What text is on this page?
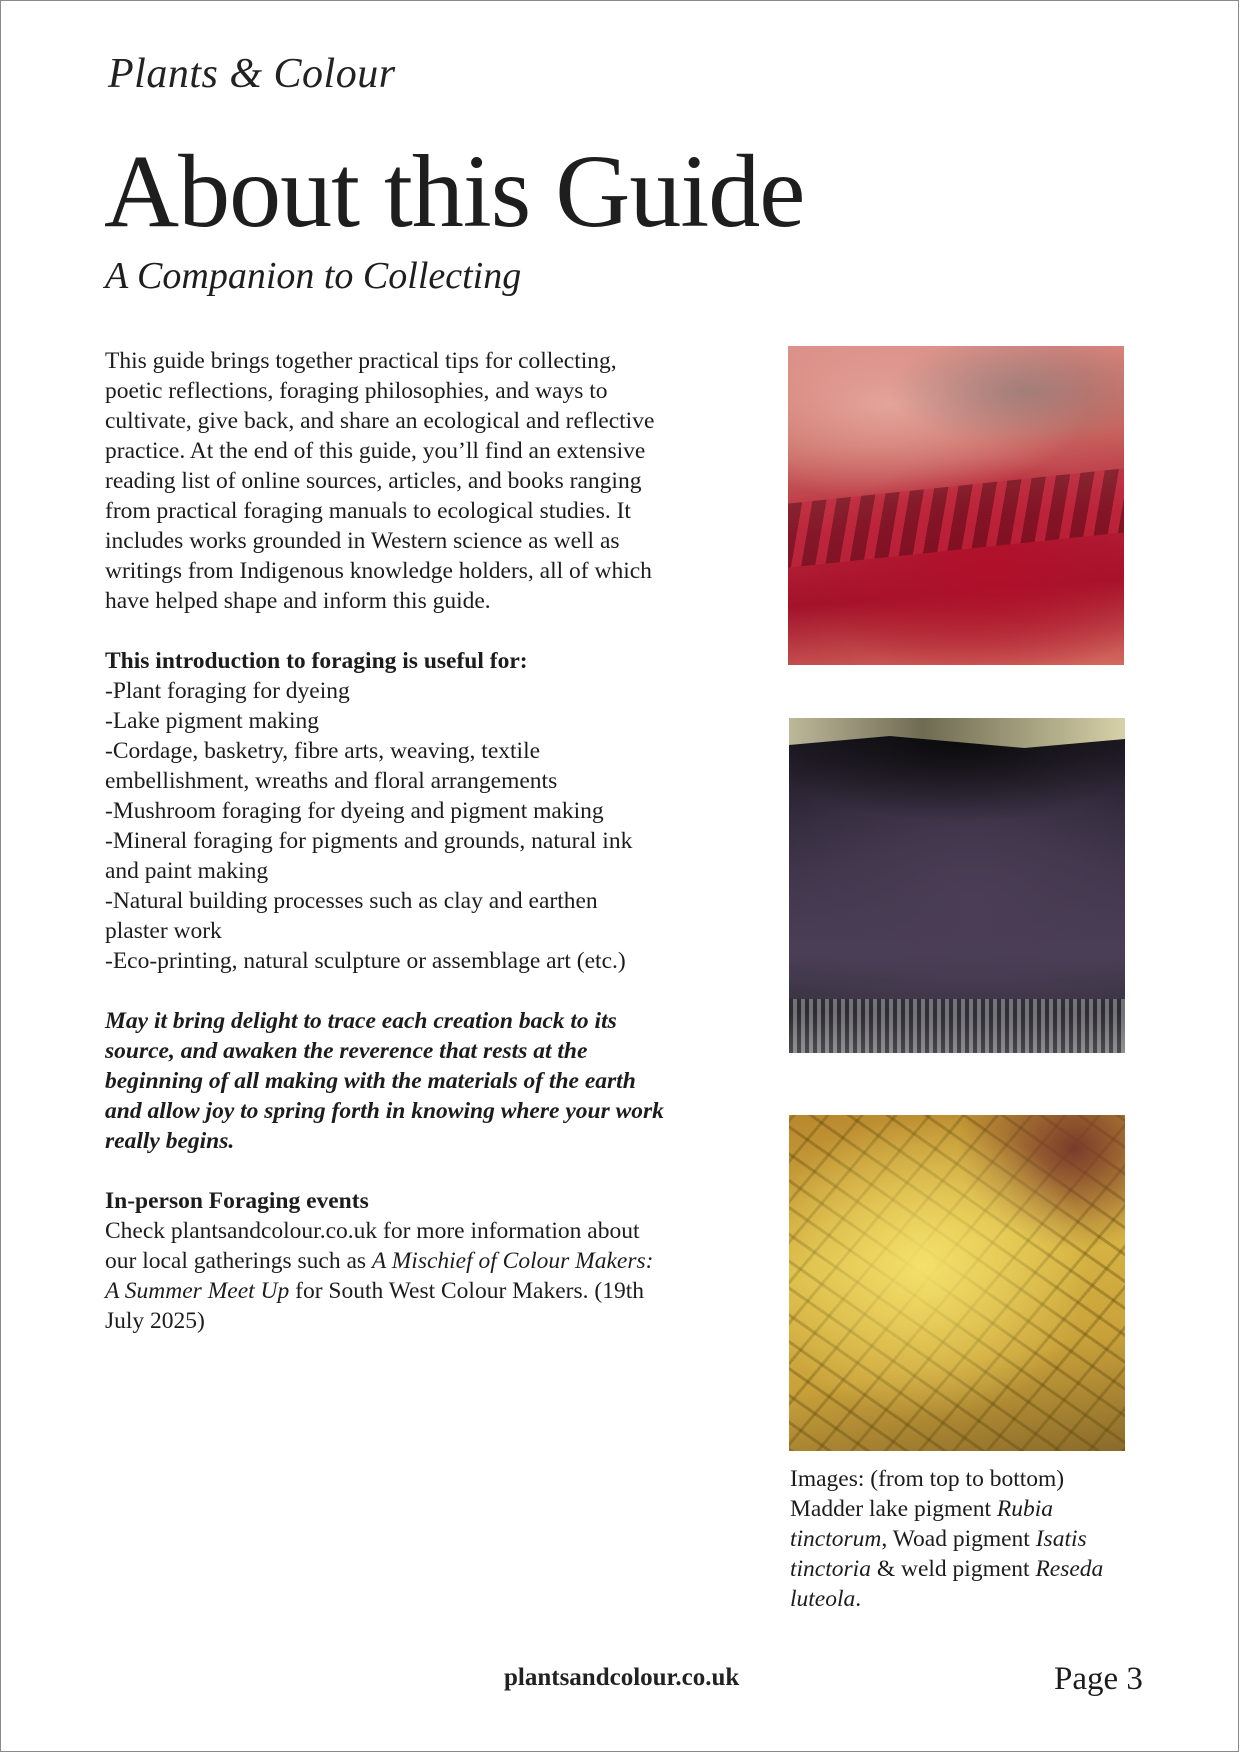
Plants & Colour
About this Guide
A Companion to Collecting

This guide brings together practical tips for collecting, poetic reflections, foraging philosophies, and ways to cultivate, give back, and share an ecological and reflective practice. At the end of this guide, you’ll find an extensive reading list of online sources, articles, and books ranging from practical foraging manuals to ecological studies. It includes works grounded in Western science as well as writings from Indigenous knowledge holders, all of which have helped shape and inform this guide.

This introduction to foraging is useful for:

-Plant foraging for dyeing

-Lake pigment making

-Cordage, basketry, fibre arts, weaving, textile embellishment, wreaths and floral arrangements

-Mushroom foraging for dyeing and pigment making

-Mineral foraging for pigments and grounds, natural ink and paint making

-Natural building processes such as clay and earthen plaster work

-Eco-printing, natural sculpture or assemblage art (etc.)

May it bring delight to trace each creation back to its source, and awaken the reverence that rests at the beginning of all making with the materials of the earth and allow joy to spring forth in knowing where your work really begins.

In-person Foraging events

Check plantsandcolour.co.uk for more information about our local gatherings such as A Mischief of Colour Makers: A Summer Meet Up for South West Colour Makers. (19th July 2025)

Images: (from top to bottom) Madder lake pigment Rubia tinctorum, Woad pigment Isatis tinctoria & weld pigment Reseda luteola.
plantsandcolour.co.uk	Page 3
